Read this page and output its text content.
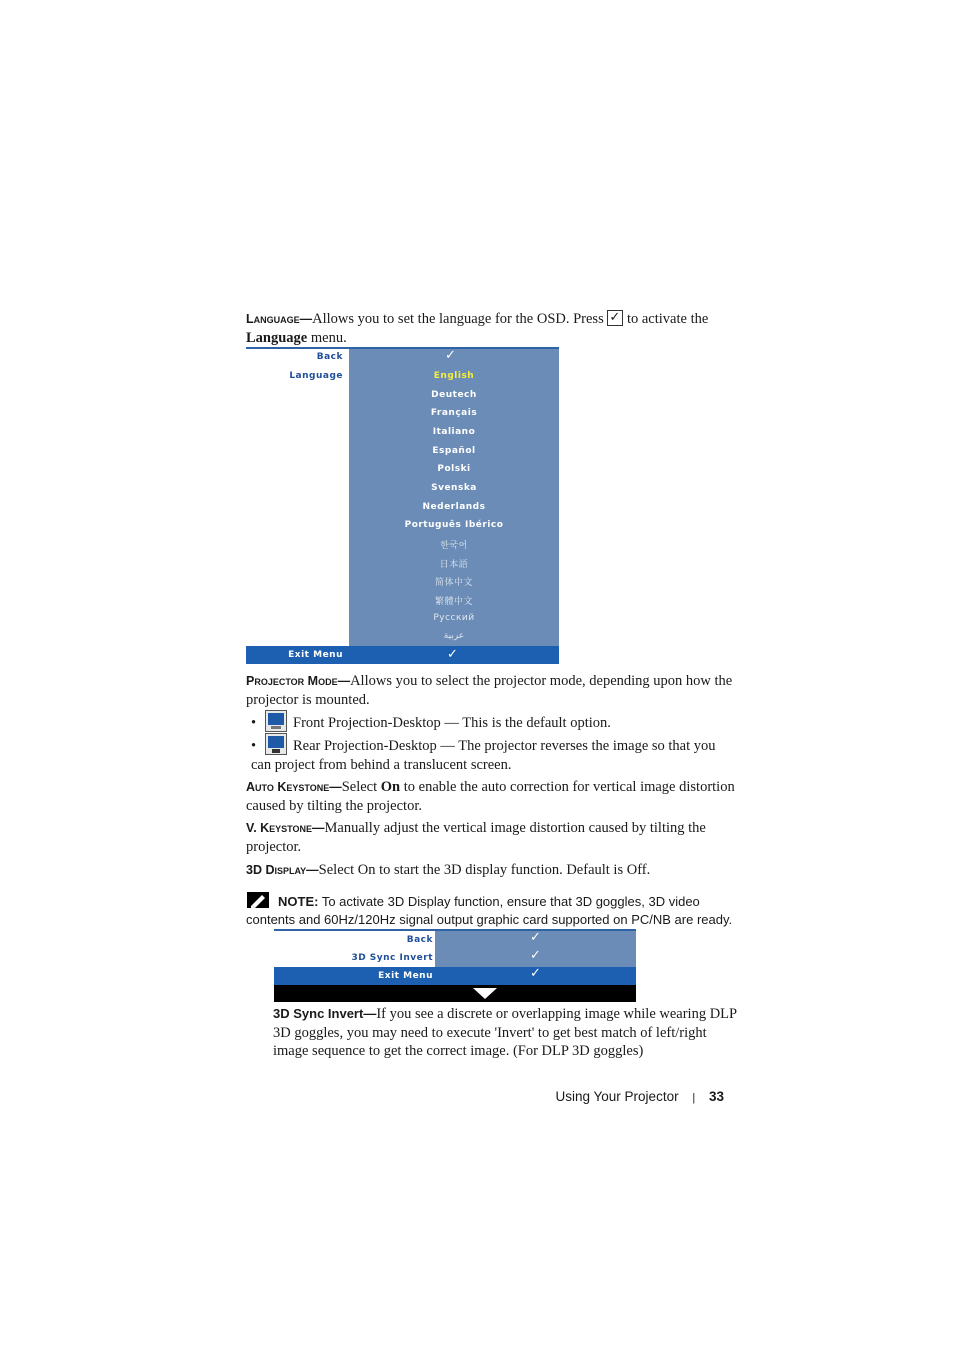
Language—Allows you to set the language for the OSD. Press ✓ to activate the
Language menu.
Back	✓
Language	English
Deutech
Français
Italiano
Español
Polski
Svenska
Nederlands
Português Ibérico
한국어
日本語
简体中文
繁體中文
Русский
عربية
Exit Menu	✓
Projector Mode—Allows you to select the projector mode, depending upon how the projector is mounted.
•	Front Projection-Desktop — This is the default option.
•	Rear Projection-Desktop — The projector reverses the image so that you can project from behind a translucent screen.
Auto Keystone—Select On to enable the auto correction for vertical image distortion caused by tilting the projector.
V. Keystone—Manually adjust the vertical image distortion caused by tilting the projector.
3D Display—Select On to start the 3D display function. Default is Off.
NOTE: To activate 3D Display function, ensure that 3D goggles, 3D video contents and 60Hz/120Hz signal output graphic card supported on PC/NB are ready.
Back	✓
3D Sync Invert	✓
Exit Menu	✓
3D Sync Invert—If you see a discrete or overlapping image while wearing DLP 3D goggles, you may need to execute 'Invert' to get best match of left/right image sequence to get the correct image. (For DLP 3D goggles)
Using Your Projector | 33
